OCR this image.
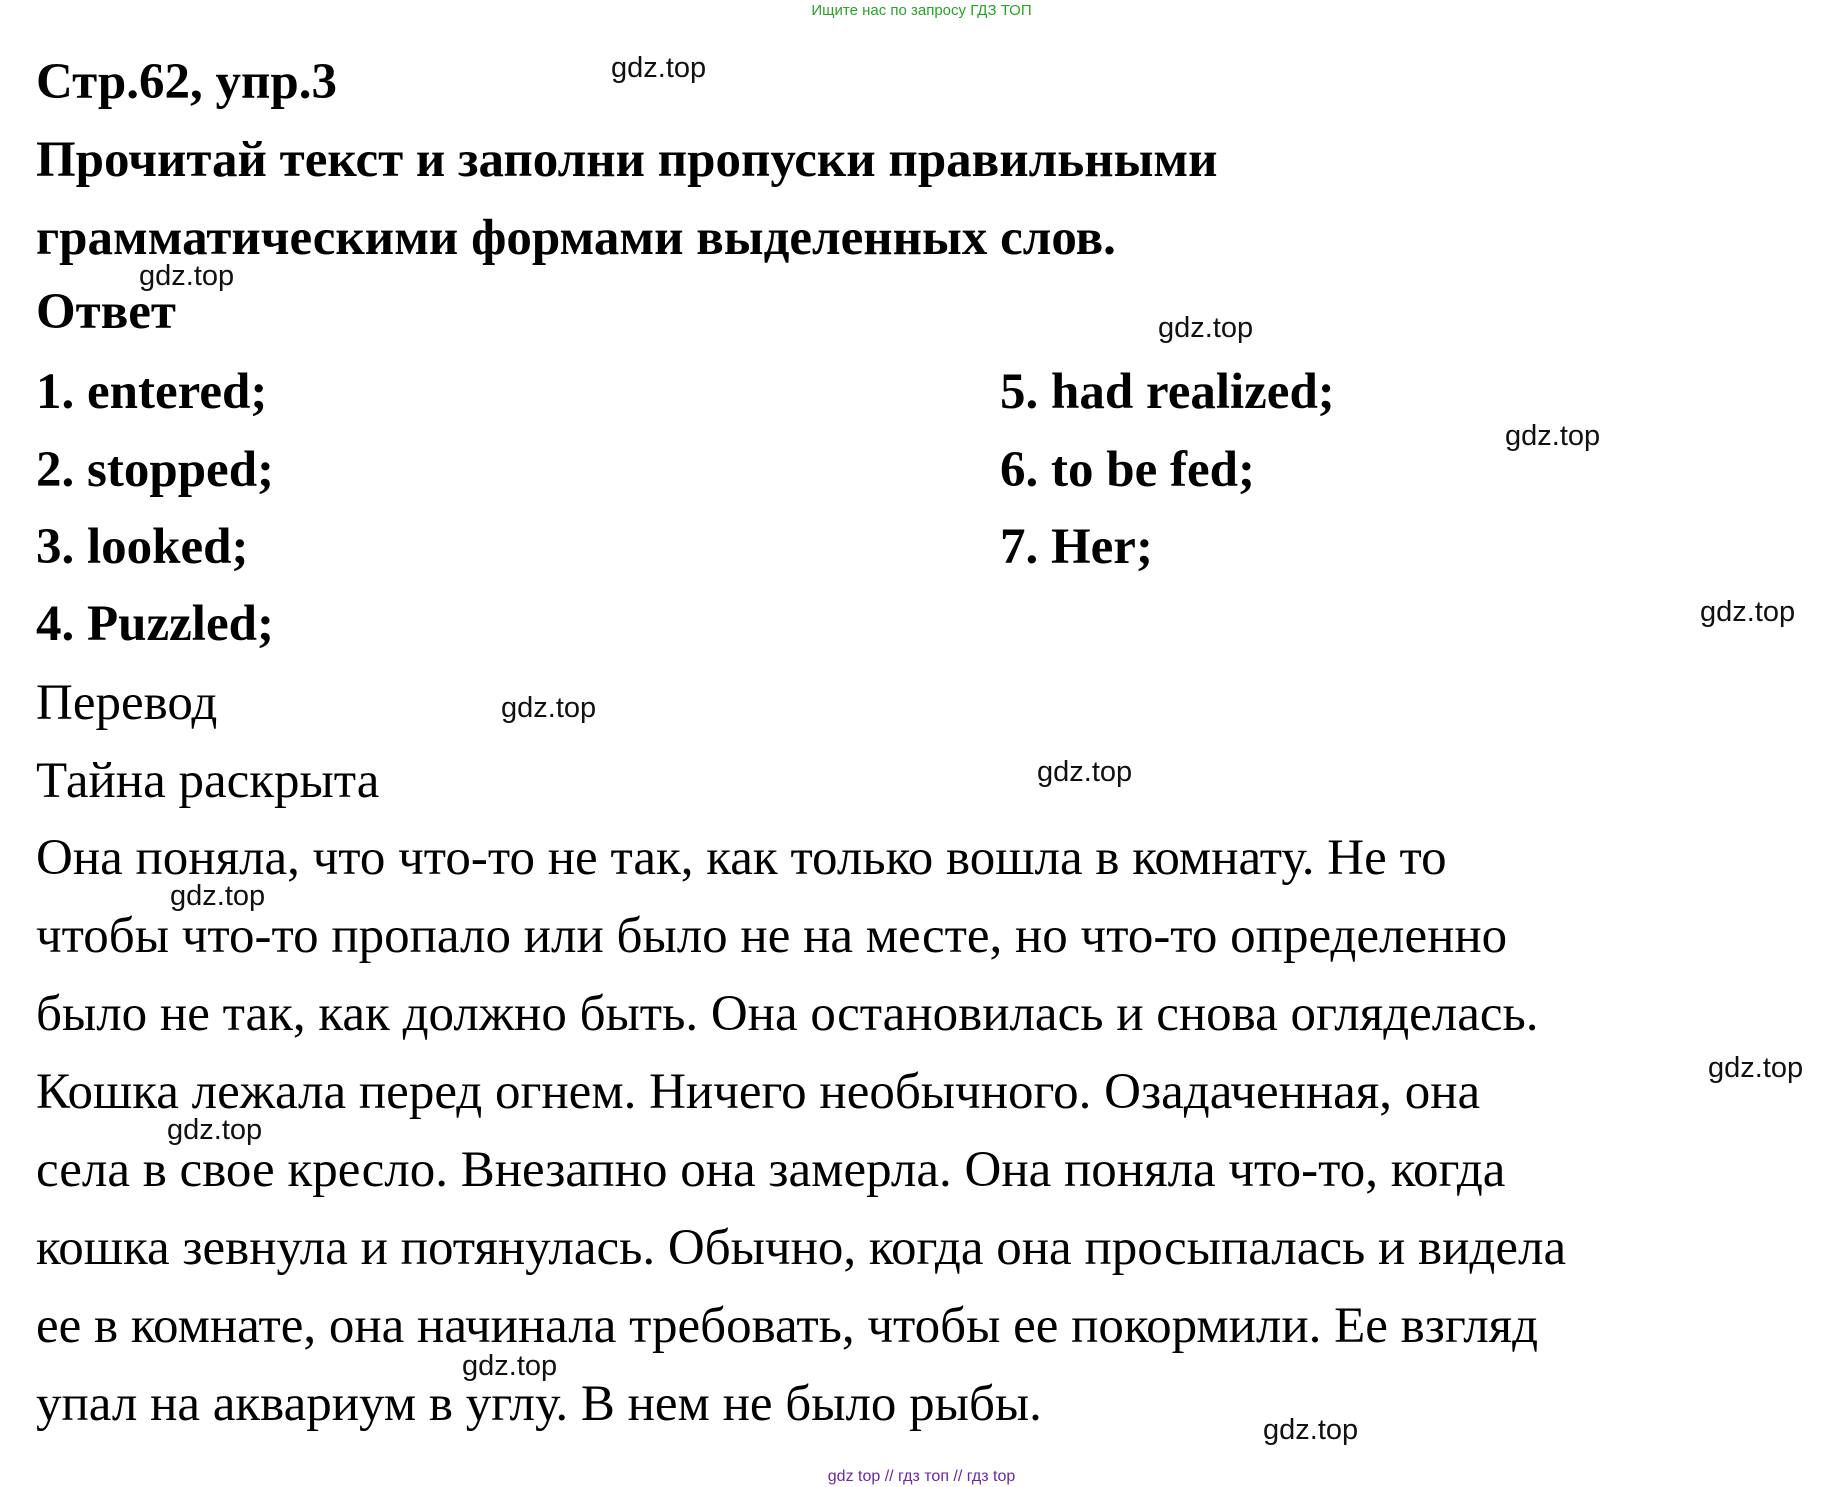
Ищите нас по запросу ГДЗ ТОП
Стр.62, упр.3
Прочитай текст и заполни пропуски правильными
грамматическими формами выделенных слов.
Ответ
1. entered;
2. stopped;
3. looked;
4. Puzzled;
5. had realized;
6. to be fed;
7. Her;
Перевод
Тайна раскрыта
Она поняла, что что-то не так, как только вошла в комнату. Не то
чтобы что-то пропало или было не на месте, но что-то определенно
было не так, как должно быть. Она остановилась и снова огляделась.
Кошка лежала перед огнем. Ничего необычного. Озадаченная, она
села в свое кресло. Внезапно она замерла. Она поняла что-то, когда
кошка зевнула и потянулась. Обычно, когда она просыпалась и видела
ее в комнате, она начинала требовать, чтобы ее покормили. Ее взгляд
упал на аквариум в углу. В нем не было рыбы.
gdz.top
gdz.top
gdz.top
gdz.top
gdz.top
gdz.top
gdz.top
gdz.top
gdz.top
gdz.top
gdz.top
gdz.top
gdz top // гдз топ // гдз top
